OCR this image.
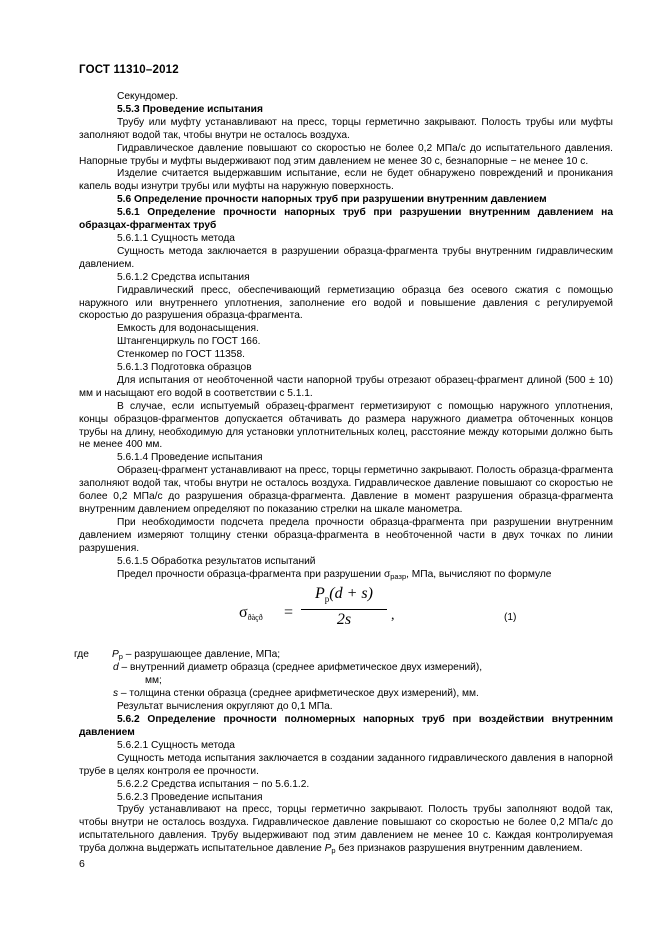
ГОСТ 11310–2012

Секундомер.

5.5.3 Проведение испытания

Трубу или муфту устанавливают на пресс, торцы герметично закрывают. Полость трубы или муфты заполняют водой так, чтобы внутри не осталось воздуха.

Гидравлическое давление повышают со скоростью не более 0,2 МПа/с до испытательного давления. Напорные трубы и муфты выдерживают под этим давлением не менее 30 с, безнапорные − не менее 10 с.

Изделие считается выдержавшим испытание, если не будет обнаружено повреждений и проникания капель воды изнутри трубы или муфты на наружную поверхность.

5.6 Определение прочности напорных труб при разрушении внутренним давлением

5.6.1 Определение прочности напорных труб при разрушении внутренним давлением на образцах-фрагментах труб

5.6.1.1 Сущность метода

Сущность метода заключается в разрушении образца-фрагмента трубы внутренним гидравлическим давлением.

5.6.1.2 Средства испытания

Гидравлический пресс, обеспечивающий герметизацию образца без осевого сжатия с помощью наружного или внутреннего уплотнения, заполнение его водой и повышение давления с регулируемой скоростью до разрушения образца-фрагмента.

Емкость для водонасыщения.

Штангенциркуль по ГОСТ 166.

Стенкомер по ГОСТ 11358.

5.6.1.3 Подготовка образцов

Для испытания от необточенной части напорной трубы отрезают образец-фрагмент длиной (500 ± 10) мм и насыщают его водой в соответствии с 5.1.1.

В случае, если испытуемый образец-фрагмент герметизируют с помощью наружного уплотнения, концы образцов-фрагментов допускается обтачивать до размера наружного диаметра обточенных концов трубы на длину, необходимую для установки уплотнительных колец, расстояние между которыми должно быть не менее 400 мм.

5.6.1.4 Проведение испытания

Образец-фрагмент устанавливают на пресс, торцы герметично закрывают. Полость образца-фрагмента заполняют водой так, чтобы внутри не осталось воздуха. Гидравлическое давление повышают со скоростью не более 0,2 МПа/с до разрушения образца-фрагмента. Давление в момент разрушения образца-фрагмента внутренним давлением определяют по показанию стрелки на шкале манометра.

При необходимости подсчета предела прочности образца-фрагмента при разрушении внутренним давлением измеряют толщину стенки образца-фрагмента в необточенной части в двух точках по линии разрушения.

5.6.1.5 Обработка результатов испытаний

Предел прочности образца-фрагмента при разрушении σразр, МПа, вычисляют по формуле

$\sigma_{ðàçð}$ =
$P_р(d + s)$
2s	,	(1)
где Pр – разрушающее давление, МПа;

d – внутренний диаметр образца (среднее арифметическое двух измерений),

мм;

s – толщина стенки образца (среднее арифметическое двух измерений), мм.

Результат вычисления округляют до 0,1 МПа.

5.6.2 Определение прочности полномерных напорных труб при воздействии внутренним давлением

5.6.2.1 Сущность метода

Сущность метода испытания заключается в создании заданного гидравлического давления в напорной трубе в целях контроля ее прочности.

5.6.2.2 Средства испытания − по 5.6.1.2.

5.6.2.3 Проведение испытания

Трубу устанавливают на пресс, торцы герметично закрывают. Полость трубы заполняют водой так, чтобы внутри не осталось воздуха. Гидравлическое давление повышают со скоростью не более 0,2 МПа/с до испытательного давления. Трубу выдерживают под этим давлением не менее 10 с. Каждая контролируемая труба должна выдержать испытательное давление Pр без признаков разрушения внутренним давлением.

6
